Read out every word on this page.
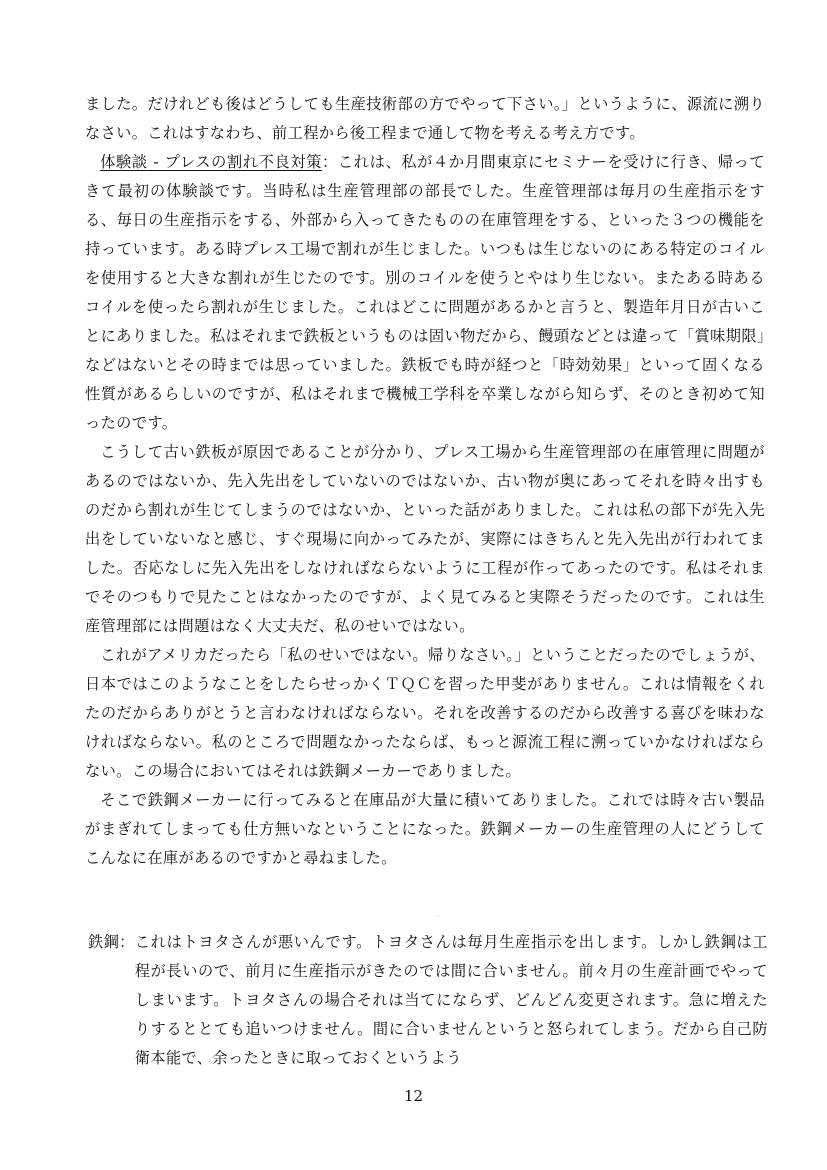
ました。だけれども後はどうしても生産技術部の方でやって下さい。」というように、源流に溯りなさい。これはすなわち、前工程から後工程まで通して物を考える考え方です。

体験談 - プレスの割れ不良対策：これは、私が４か月間東京にセミナーを受けに行き、帰ってきて最初の体験談です。当時私は生産管理部の部長でした。生産管理部は毎月の生産指示をする、毎日の生産指示をする、外部から入ってきたものの在庫管理をする、といった３つの機能を持っています。ある時プレス工場で割れが生じました。いつもは生じないのにある特定のコイルを使用すると大きな割れが生じたのです。別のコイルを使うとやはり生じない。またある時あるコイルを使ったら割れが生じました。これはどこに問題があるかと言うと、製造年月日が古いことにありました。私はそれまで鉄板というものは固い物だから、饅頭などとは違って「賞味期限」などはないとその時までは思っていました。鉄板でも時が経つと「時効効果」といって固くなる性質があるらしいのですが、私はそれまで機械工学科を卒業しながら知らず、そのとき初めて知ったのです。

こうして古い鉄板が原因であることが分かり、プレス工場から生産管理部の在庫管理に問題があるのではないか、先入先出をしていないのではないか、古い物が奥にあってそれを時々出すものだから割れが生じてしまうのではないか、といった話がありました。これは私の部下が先入先出をしていないなと感じ、すぐ現場に向かってみたが、実際にはきちんと先入先出が行われてました。否応なしに先入先出をしなければならないように工程が作ってあったのです。私はそれまでそのつもりで見たことはなかったのですが、よく見てみると実際そうだったのです。これは生産管理部には問題はなく大丈夫だ、私のせいではない。

これがアメリカだったら「私のせいではない。帰りなさい。」ということだったのでしょうが、日本ではこのようなことをしたらせっかくＴＱＣを習った甲斐がありません。これは情報をくれたのだからありがとうと言わなければならない。それを改善するのだから改善する喜びを味わなければならない。私のところで問題なかったならば、もっと源流工程に溯っていかなければならない。この場合においてはそれは鉄鋼メーカーでありました。

そこで鉄鋼メーカーに行ってみると在庫品が大量に積いてありました。これでは時々古い製品がまぎれてしまっても仕方無いなということになった。鉄鋼メーカーの生産管理の人にどうしてこんなに在庫があるのですかと尋ねました。

·
鉄鋼： これはトヨタさんが悪いんです。トヨタさんは毎月生産指示を出します。しかし鉄鋼は工程が長いので、前月に生産指示がきたのでは間に合いません。前々月の生産計画でやってしまいます。トヨタさんの場合それは当てにならず、どんどん変更されます。急に増えたりするととても追いつけません。間に合いませんというと怒られてしまう。だから自己防衛本能で、余ったときに取っておくというよう
12
